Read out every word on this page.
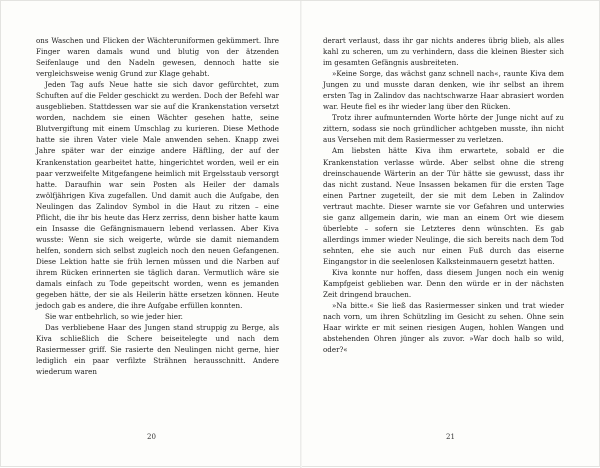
ons Waschen und Flicken der Wächteruniformen gekümmert. Ihre Finger waren damals wund und blutig von der ätzenden Seifenlauge und den Nadeln gewesen, dennoch hatte sie vergleichsweise wenig Grund zur Klage gehabt.

Jeden Tag aufs Neue hatte sie sich davor gefürchtet, zum Schuften auf die Felder geschickt zu werden. Doch der Befehl war ausgeblieben. Stattdessen war sie auf die Krankenstation versetzt worden, nachdem sie einen Wächter gesehen hatte, seine Blutvergiftung mit einem Umschlag zu kurieren. Diese Methode hatte sie ihren Vater viele Male anwenden sehen. Knapp zwei Jahre später war der einzige andere Häftling, der auf der Krankenstation gearbeitet hatte, hingerichtet worden, weil er ein paar verzweifelte Mitgefangene heimlich mit Ergelsstaub versorgt hatte. Daraufhin war sein Posten als Heiler der damals zwölfjährigen Kiva zugefallen. Und damit auch die Aufgabe, den Neulingen das Zalindov Symbol in die Haut zu ritzen – eine Pflicht, die ihr bis heute das Herz zerriss, denn bisher hatte kaum ein Insasse die Gefängnismauern lebend verlassen. Aber Kiva wusste: Wenn sie sich weigerte, würde sie damit niemandem helfen, sondern sich selbst zugleich noch den neuen Gefangenen. Diese Lektion hatte sie früh lernen müssen und die Narben auf ihrem Rücken erinnerten sie täglich daran. Vermutlich wäre sie damals einfach zu Tode gepeitscht worden, wenn es jemanden gegeben hätte, der sie als Heilerin hätte ersetzen können. Heute jedoch gab es andere, die ihre Aufgabe erfüllen konnten.

Sie war entbehrlich, so wie jeder hier.

Das verbliebene Haar des Jungen stand struppig zu Berge, als Kiva schließlich die Schere beiseitelegte und nach dem Rasiermesser griff. Sie rasierte den Neulingen nicht gerne, hier lediglich ein paar verfilzte Strähnen herausschnitt. Andere wiederum waren

20

derart verlaust, dass ihr gar nichts anderes übrig blieb, als alles kahl zu scheren, um zu verhindern, dass die kleinen Biester sich im gesamten Gefängnis ausbreiteten.

»Keine Sorge, das wächst ganz schnell nach«, raunte Kiva dem Jungen zu und musste daran denken, wie ihr selbst an ihrem ersten Tag in Zalindov das nachtschwarze Haar abrasiert worden war. Heute fiel es ihr wieder lang über den Rücken.

Trotz ihrer aufmunternden Worte hörte der Junge nicht auf zu zittern, sodass sie noch gründlicher achtgeben musste, ihn nicht aus Versehen mit dem Rasiermesser zu verletzen.

Am liebsten hätte Kiva ihm erwartete, sobald er die Krankenstation verlasse würde. Aber selbst ohne die streng dreinschauende Wärterin an der Tür hätte sie gewusst, dass ihr das nicht zustand. Neue Insassen bekamen für die ersten Tage einen Partner zugeteilt, der sie mit dem Leben in Zalindov vertraut machte. Dieser warnte sie vor Gefahren und unterwies sie ganz allgemein darin, wie man an einem Ort wie diesem überlebte – sofern sie Letzteres denn wünschten. Es gab allerdings immer wieder Neulinge, die sich bereits nach dem Tod sehnten, ehe sie auch nur einen Fuß durch das eiserne Eingangstor in die seelenlosen Kalksteinmauern gesetzt hatten.

Kiva konnte nur hoffen, dass diesem Jungen noch ein wenig Kampfgeist geblieben war. Denn den würde er in der nächsten Zeit dringend brauchen.

»Na bitte.« Sie ließ das Rasiermesser sinken und trat wieder nach vorn, um ihren Schützling im Gesicht zu sehen. Ohne sein Haar wirkte er mit seinen riesigen Augen, hohlen Wangen und abstehenden Ohren jünger als zuvor. »War doch halb so wild, oder?«

21
